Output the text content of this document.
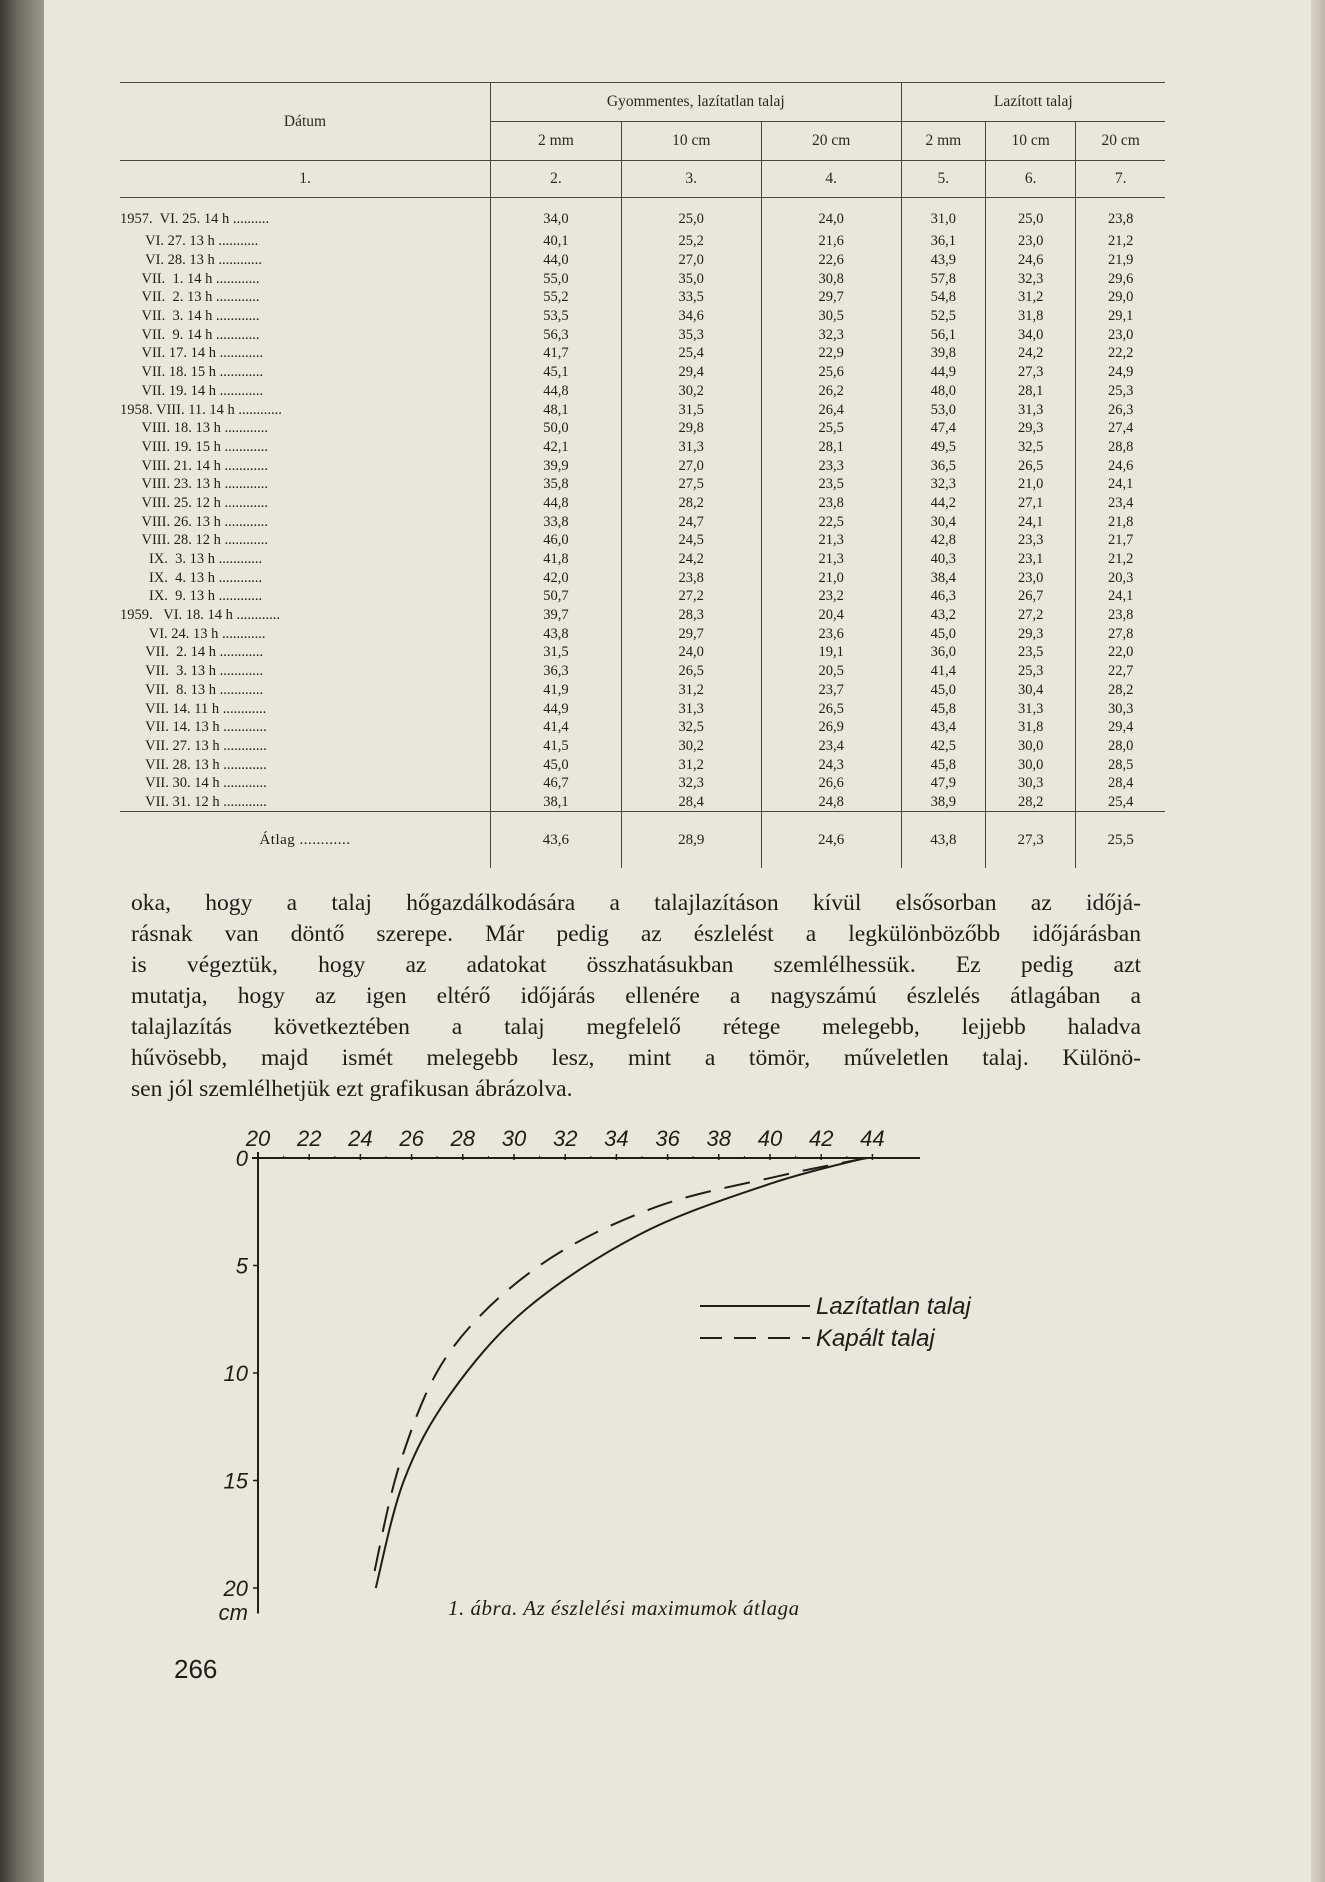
Dátum	Gyommentes, lazítatlan talaj			Lazított talaj		
	2 mm	10 cm	20 cm	2 mm	10 cm	20 cm
1.	2.	3.	4.	5.	6.	7.
1957.  VI. 25. 14 h ..........	34,0	25,0	24,0	31,0	25,0	23,8
VI. 27. 13 h ...........	40,1	25,2	21,6	36,1	23,0	21,2
VI. 28. 13 h ............	44,0	27,0	22,6	43,9	24,6	21,9
VII.  1. 14 h ............	55,0	35,0	30,8	57,8	32,3	29,6
VII.  2. 13 h ............	55,2	33,5	29,7	54,8	31,2	29,0
VII.  3. 14 h ............	53,5	34,6	30,5	52,5	31,8	29,1
VII.  9. 14 h ............	56,3	35,3	32,3	56,1	34,0	23,0
VII. 17. 14 h ............	41,7	25,4	22,9	39,8	24,2	22,2
VII. 18. 15 h ............	45,1	29,4	25,6	44,9	27,3	24,9
VII. 19. 14 h ............	44,8	30,2	26,2	48,0	28,1	25,3
1958. VIII. 11. 14 h ............	48,1	31,5	26,4	53,0	31,3	26,3
VIII. 18. 13 h ............	50,0	29,8	25,5	47,4	29,3	27,4
VIII. 19. 15 h ............	42,1	31,3	28,1	49,5	32,5	28,8
VIII. 21. 14 h ............	39,9	27,0	23,3	36,5	26,5	24,6
VIII. 23. 13 h ............	35,8	27,5	23,5	32,3	21,0	24,1
VIII. 25. 12 h ............	44,8	28,2	23,8	44,2	27,1	23,4
VIII. 26. 13 h ............	33,8	24,7	22,5	30,4	24,1	21,8
VIII. 28. 12 h ............	46,0	24,5	21,3	42,8	23,3	21,7
IX.  3. 13 h ............	41,8	24,2	21,3	40,3	23,1	21,2
IX.  4. 13 h ............	42,0	23,8	21,0	38,4	23,0	20,3
IX.  9. 13 h ............	50,7	27,2	23,2	46,3	26,7	24,1
1959.   VI. 18. 14 h ............	39,7	28,3	20,4	43,2	27,2	23,8
VI. 24. 13 h ............	43,8	29,7	23,6	45,0	29,3	27,8
VII.  2. 14 h ............	31,5	24,0	19,1	36,0	23,5	22,0
VII.  3. 13 h ............	36,3	26,5	20,5	41,4	25,3	22,7
VII.  8. 13 h ............	41,9	31,2	23,7	45,0	30,4	28,2
VII. 14. 11 h ............	44,9	31,3	26,5	45,8	31,3	30,3
VII. 14. 13 h ............	41,4	32,5	26,9	43,4	31,8	29,4
VII. 27. 13 h ............	41,5	30,2	23,4	42,5	30,0	28,0
VII. 28. 13 h ............	45,0	31,2	24,3	45,8	30,0	28,5
VII. 30. 14 h ............	46,7	32,3	26,6	47,9	30,3	28,4
VII. 31. 12 h ............	38,1	28,4	24,8	38,9	28,2	25,4
Átlag ............	43,6	28,9	24,6	43,8	27,3	25,5
oka, hogy a talaj hőgazdálkodására a talajlazításon kívül elsősorban az időjá-
rásnak van döntő szerepe. Már pedig az észlelést a legkülönbözőbb időjárásban
is végeztük, hogy az adatokat összhatásukban szemlélhessük. Ez pedig azt
mutatja, hogy az igen eltérő időjárás ellenére a nagyszámú észlelés átlagában a
talajlazítás következtében a talaj megfelelő rétege melegebb, lejjebb haladva
hűvösebb, majd ismét melegebb lesz, mint a tömör, műveletlen talaj. Különö-
sen jól szemlélhetjük ezt grafikusan ábrázolva.
20 22 24 26 28 30 32 34 36 38 40 42 44
0
5
10
15
20
cm
Lazítatlan talaj
Kapált talaj
1. ábra. Az észlelési maximumok átlaga
266
